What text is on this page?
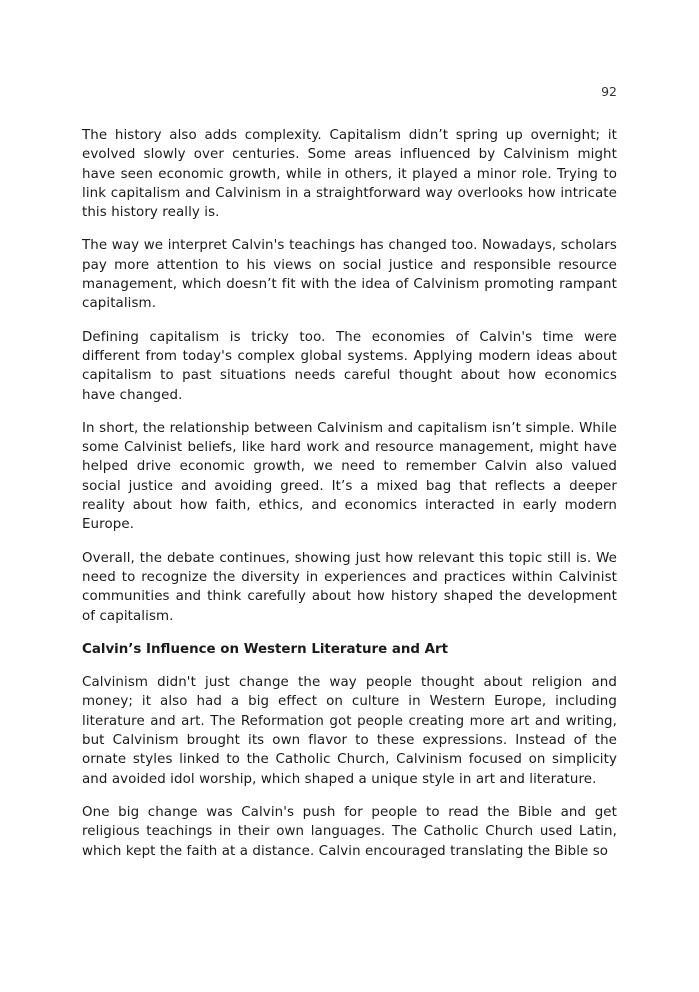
92

The history also adds complexity. Capitalism didn’t spring up overnight; it evolved slowly over centuries. Some areas influenced by Calvinism might have seen economic growth, while in others, it played a minor role. Trying to link capitalism and Calvinism in a straightforward way overlooks how intricate this history really is.

The way we interpret Calvin's teachings has changed too. Nowadays, scholars pay more attention to his views on social justice and responsible resource management, which doesn’t fit with the idea of Calvinism promoting rampant capitalism.

Defining capitalism is tricky too. The economies of Calvin's time were different from today's complex global systems. Applying modern ideas about capitalism to past situations needs careful thought about how economics have changed.

In short, the relationship between Calvinism and capitalism isn’t simple. While some Calvinist beliefs, like hard work and resource management, might have helped drive economic growth, we need to remember Calvin also valued social justice and avoiding greed. It’s a mixed bag that reflects a deeper reality about how faith, ethics, and economics interacted in early modern Europe.

Overall, the debate continues, showing just how relevant this topic still is. We need to recognize the diversity in experiences and practices within Calvinist communities and think carefully about how history shaped the development of capitalism.

Calvin’s Influence on Western Literature and Art

Calvinism didn't just change the way people thought about religion and money; it also had a big effect on culture in Western Europe, including literature and art. The Reformation got people creating more art and writing, but Calvinism brought its own flavor to these expressions. Instead of the ornate styles linked to the Catholic Church, Calvinism focused on simplicity and avoided idol worship, which shaped a unique style in art and literature.

One big change was Calvin's push for people to read the Bible and get religious teachings in their own languages. The Catholic Church used Latin, which kept the faith at a distance. Calvin encouraged translating the Bible so
